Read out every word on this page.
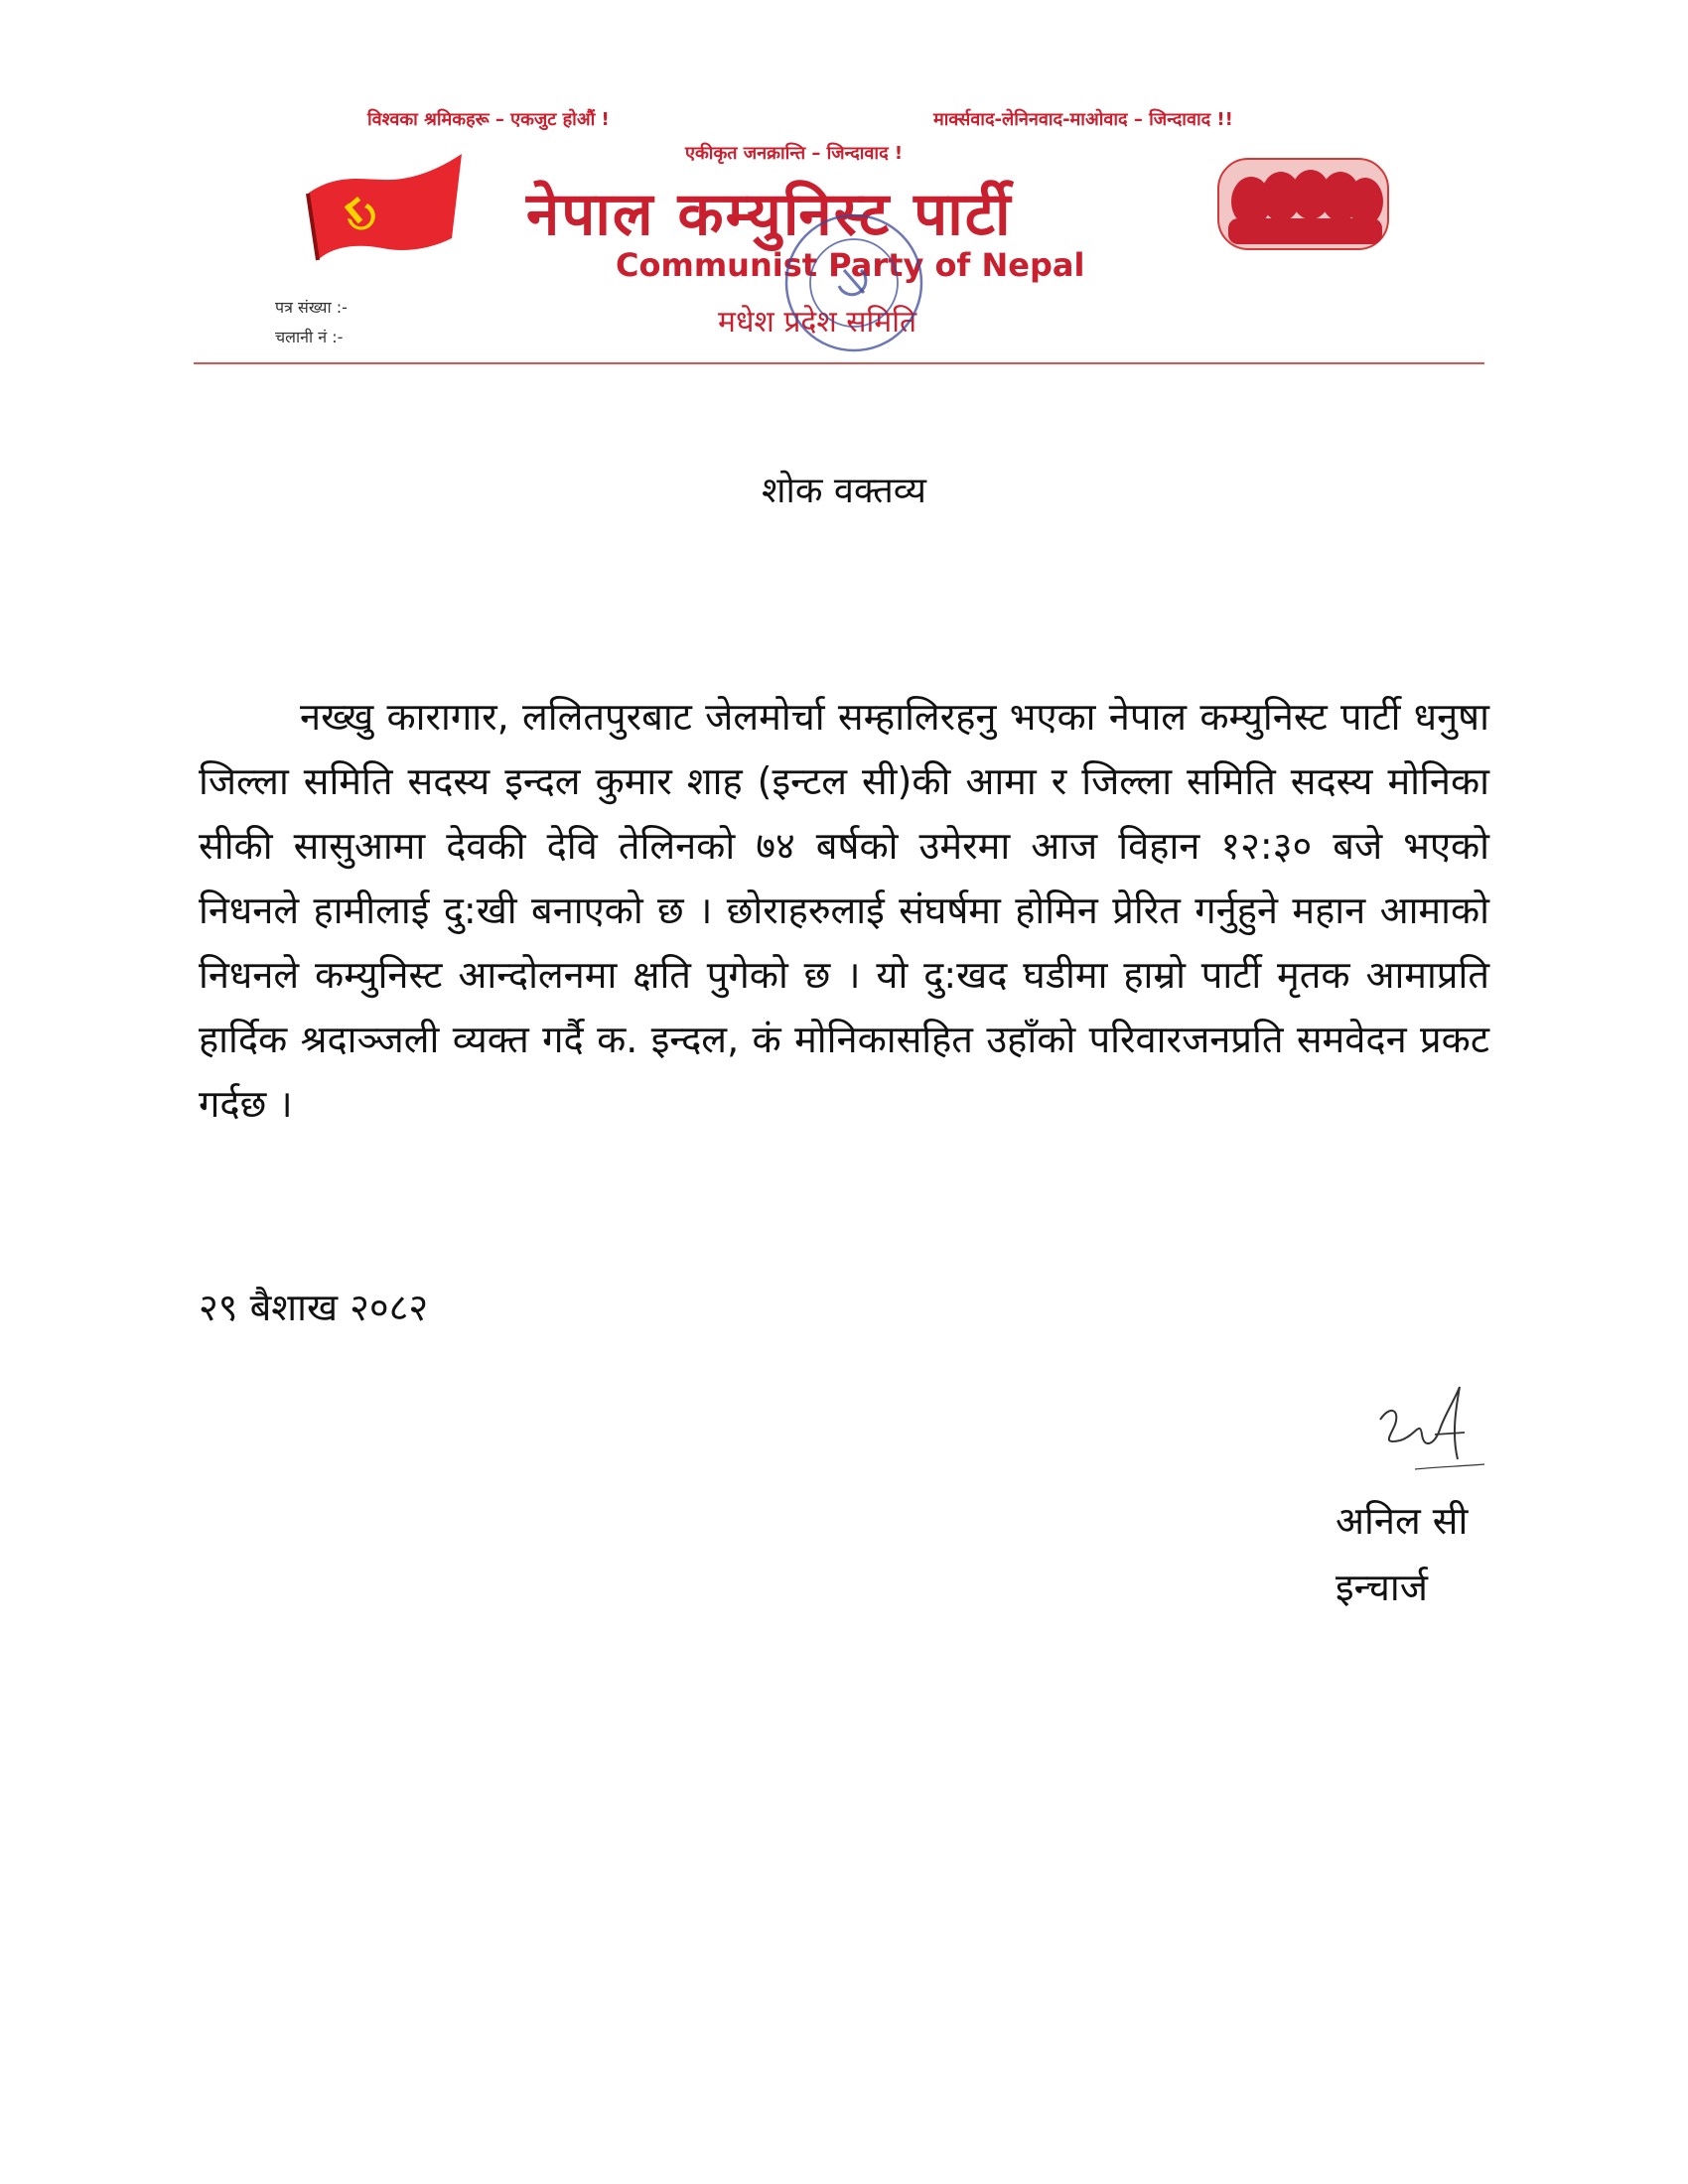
विश्वका श्रमिकहरू – एकजुट होऔं !	मार्क्सवाद-लेनिनवाद-माओवाद – जिन्दावाद !!
एकीकृत जनक्रान्ति – जिन्दावाद !
नेपाल कम्युनिस्ट पार्टी
Communist Party of Nepal
मधेश प्रदेश समिति
पत्र संख्या :-
चलानी नं :-
शोक वक्तव्य

नख्खु कारागार, ललितपुरबाट जेलमोर्चा सम्हालिरहनु भएका नेपाल कम्युनिस्ट पार्टी धनुषा जिल्ला समिति सदस्य इन्दल कुमार शाह (इन्टल सी)की आमा र जिल्ला समिति सदस्य मोनिका सीकी सासुआमा देवकी देवि तेलिनको ७४ बर्षको उमेरमा आज विहान १२:३० बजे भएको निधनले हामीलाई दु:खी बनाएको छ । छोराहरुलाई संघर्षमा होमिन प्रेरित गर्नुहुने महान आमाको निधनले कम्युनिस्ट आन्दोलनमा क्षति पुगेको छ । यो दु:खद घडीमा हाम्रो पार्टी मृतक आमाप्रति हार्दिक श्रदाञ्जली व्यक्त गर्दै क. इन्दल, कं मोनिकासहित उहाँको परिवारजनप्रति समवेदन प्रकट गर्दछ ।

२९ बैशाख २०८२
अनिल सी
इन्चार्ज
